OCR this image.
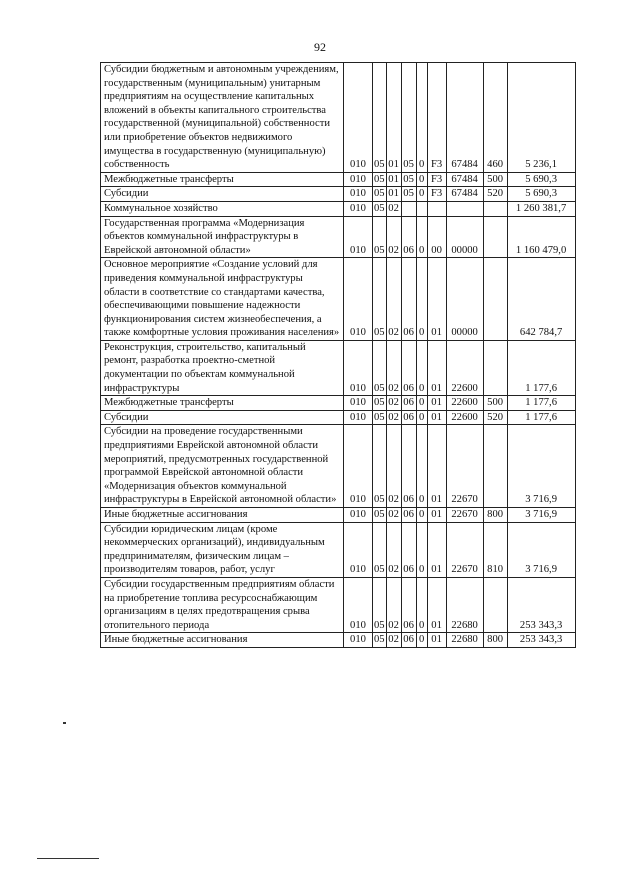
92
Субсидии бюджетным и автономным учреждениям, государственным (муниципальным) унитарным предприятиям на осуществление капитальных вложений в объекты капитального строительства государственной (муниципальной) собственности или приобретение объектов недвижимого имущества в государственную (муниципальную) собственность	010	05	01	05	0	F3	67484	460	5 236,1
Межбюджетные трансферты	010	05	01	05	0	F3	67484	500	5 690,3
Субсидии	010	05	01	05	0	F3	67484	520	5 690,3
Коммунальное хозяйство	010	05	02						1 260 381,7
Государственная программа «Модернизация объектов коммунальной инфраструктуры в Еврейской автономной области»	010	05	02	06	0	00	00000		1 160 479,0
Основное мероприятие «Создание условий для приведения коммунальной инфраструктуры области в соответствие со стандартами качества, обеспечивающими повышение надежности функционирования систем жизнеобеспечения, а также комфортные условия проживания населения»	010	05	02	06	0	01	00000		642 784,7
Реконструкция, строительство, капитальный ремонт, разработка проектно-сметной документации по объектам коммунальной инфраструктуры	010	05	02	06	0	01	22600		1 177,6
Межбюджетные трансферты	010	05	02	06	0	01	22600	500	1 177,6
Субсидии	010	05	02	06	0	01	22600	520	1 177,6
Субсидии на проведение государственными предприятиями Еврейской автономной области мероприятий, предусмотренных государственной программой Еврейской автономной области «Модернизация объектов коммунальной инфраструктуры в Еврейской автономной области»	010	05	02	06	0	01	22670		3 716,9
Иные бюджетные ассигнования	010	05	02	06	0	01	22670	800	3 716,9
Субсидии юридическим лицам (кроме некоммерческих организаций), индивидуальным предпринимателям, физическим лицам – производителям товаров, работ, услуг	010	05	02	06	0	01	22670	810	3 716,9
Субсидии государственным предприятиям области на приобретение топлива ресурсоснабжающим организациям в целях предотвращения срыва отопительного периода	010	05	02	06	0	01	22680		253 343,3
Иные бюджетные ассигнования	010	05	02	06	0	01	22680	800	253 343,3
